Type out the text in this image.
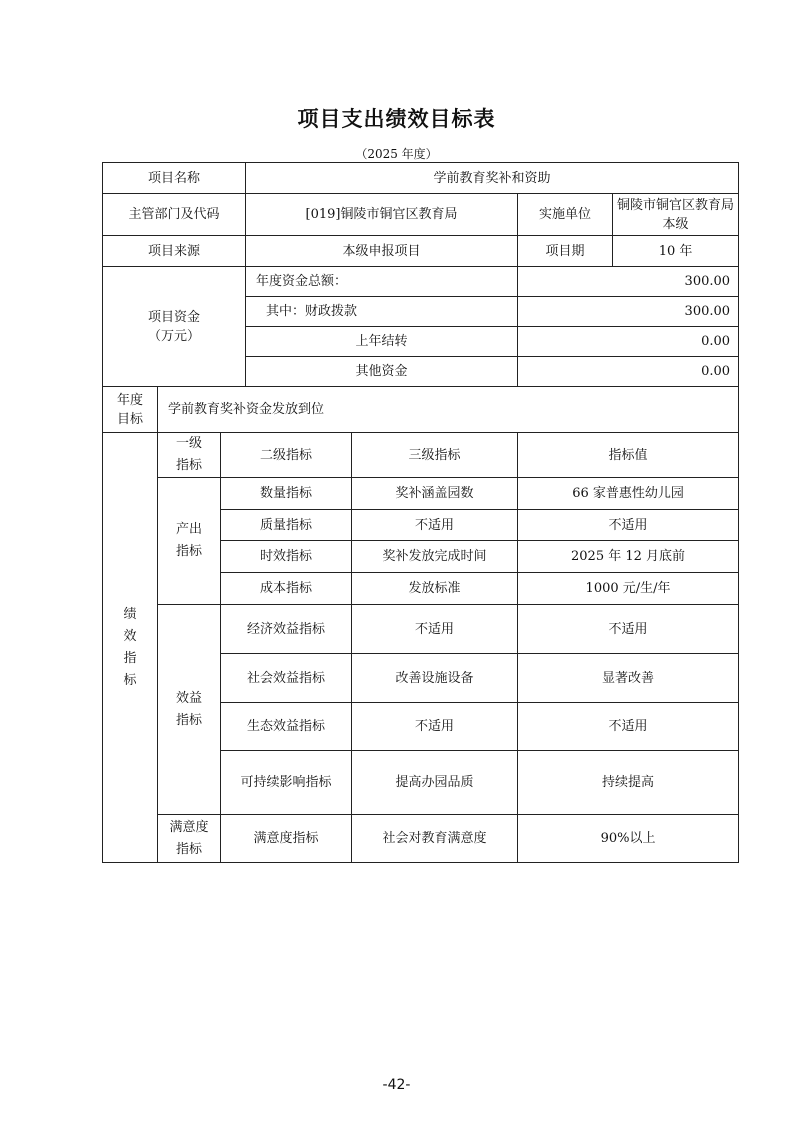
项目支出绩效目标表
（2025 年度）
项目名称			学前教育奖补和资助			
主管部门及代码			[019]铜陵市铜官区教育局		实施单位	铜陵市铜官区教育局本级
项目来源			本级申报项目		项目期	10 年

项目资金
（万元）			年度资金总额：		300.00	
			其中：财政拨款		300.00	
			上年结转		0.00	
			其他资金		0.00	

年度
目标	学前教育奖补资金发放到位					
绩效指标	一级指标	二级指标		三级指标	指标值	
	产出指标	数量指标		奖补涵盖园数	66 家普惠性幼儿园	
		质量指标		不适用	不适用	
		时效指标		奖补发放完成时间	2025 年 12 月底前	
		成本指标		发放标准	1000 元/生/年	
	效益指标	经济效益指标		不适用	不适用	
		社会效益指标		改善设施设备	显著改善	
		生态效益指标		不适用	不适用	
		可持续影响指标		提高办园品质	持续提高	
	满意度指标	满意度指标		社会对教育满意度	90%以上	
-42-
